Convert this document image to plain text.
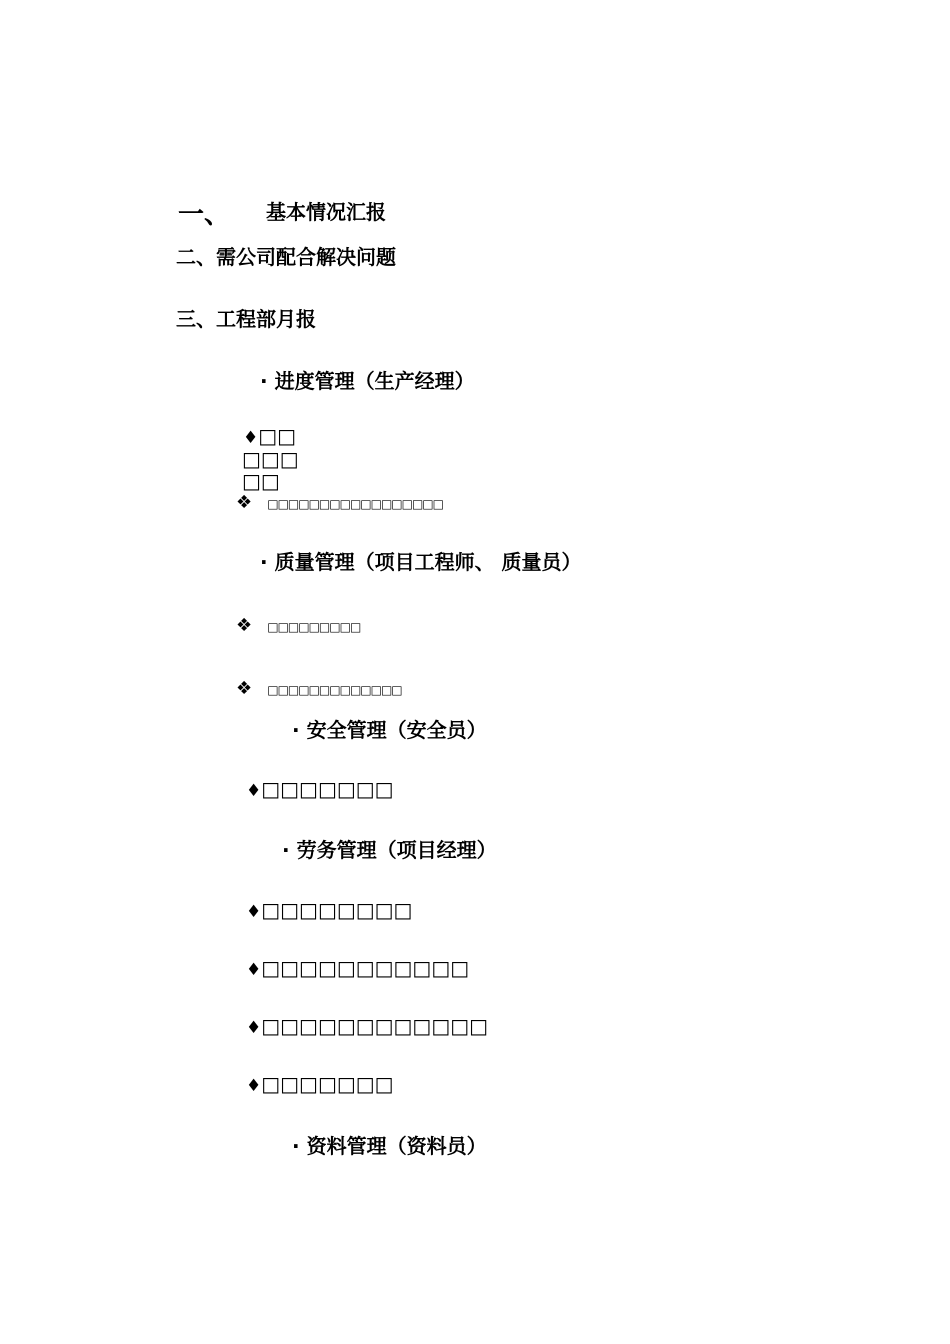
一、 基本情况汇报
二、需公司配合解决问题
三、工程部月报
· 进度管理（生产经理）
♦□□
□□□
□□
❖ □□□□□□□□□□□□□□□□□
· 质量管理（项目工程师、 质量员）
❖ □□□□□□□□□
❖ □□□□□□□□□□□□□
· 安全管理（安全员）
♦□□□□□□□
· 劳务管理（项目经理）
♦□□□□□□□□
♦□□□□□□□□□□□
♦□□□□□□□□□□□□
♦□□□□□□□
· 资料管理（资料员）
